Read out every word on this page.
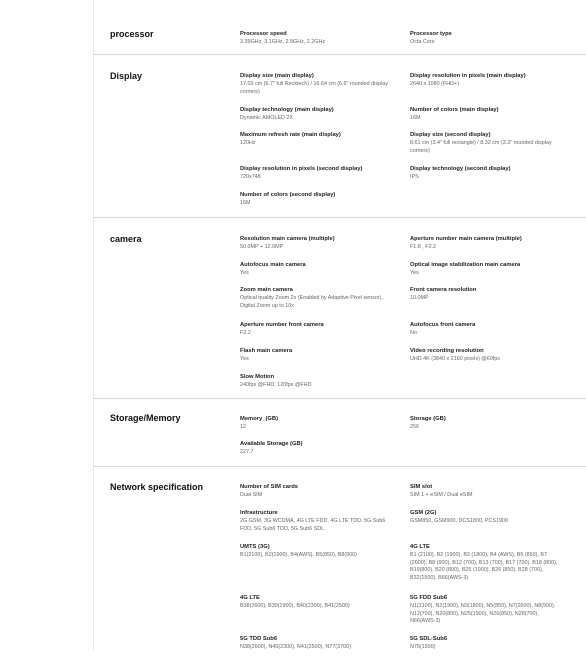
processor	Processor speed
3.39GHz, 3.1GHz, 2.9GHz, 2.2GHz
Processor type
Octa Core
Display	Display size (main display)
17.03 cm (6.7" full Recktech) / 16.64 cm (6.6" rounded display corners)
Display resolution in pixels (main display)
2640 x 1080 (FHD+)
Display technology (main display)
Dynamic AMOLED 2X
Number of colors (main display)
16M
Maximum refresh rate (main display)
120Hz
Display size (second display)
8.61 cm (3.4" full rectangle) / 8.32 cm (3.3" rounded display corners)
Display resolution in pixels (second display)
720x748
Display technology (second display)
IPS
Number of colors (second display)
16M
camera	Resolution main camera (multiple)
50.0MP + 12.0MP
Aperture number main camera (multiple)
F1.8 , F2.2
Autofocus main camera
Yes
Optical image stabilization main camera
Yes
Zoom main camera
Optical quality Zoom 2x (Enabled by Adaptive Pixel sensor), Digital Zoom up to 10x
Front camera resolution
10.0MP
Aperture number front camera
F2.2
Autofocus front camera
No
Flash main camera
Yes
Video recording resolution
UHD 4K (3840 x 2160 pixels) @60fps
Slow Motion
240fps @FHD, 120fps @FHD
Storage/Memory	Memory_(GB)
12
Storage (GB)
256
Available Storage (GB)
227.7
Network specification	Number of SIM cards
Dual SIM
SIM slot
SIM 1 + eSIM / Dual eSIM
Infrastructure
2G GSM, 3G WCDMA, 4G LTE FDD, 4G LTE TDD, 5G Sub6 FDD, 5G Sub6 TDD, 5G Sub6 SDL
GSM (2G)
GSM850, GSM900, DCS1800, PCS1900
UMTS (3G)
B1(2100), B2(1900), B4(AWS), B5(850), B8(900)
4G LTE
B1 (2100), B2 (1900), B3 (1800), B4 (AWS), B5 (850), B7 (2600), B8 (900), B12 (700), B13 (700), B17 (700), B18 (800), B19(800), B20 (800), B25 (1900), B26 (850), B28 (700), B32(1500), B66(AWS-3)
4G LTE
B38(2600), B39(1900), B40(2300), B41(2500)
5G FDD Sub6
N1(2100), N2(1900), N3(1800), N5(850), N7(2600), N8(900), N12(700), N20(800), N25(1900), N26(850), N28(700), N66(AWS-3)
5G TDD Sub6
N38(2600), N40(2300), N41(2500), N77(3700)
5G SDL-Sub6
N75(1500)
